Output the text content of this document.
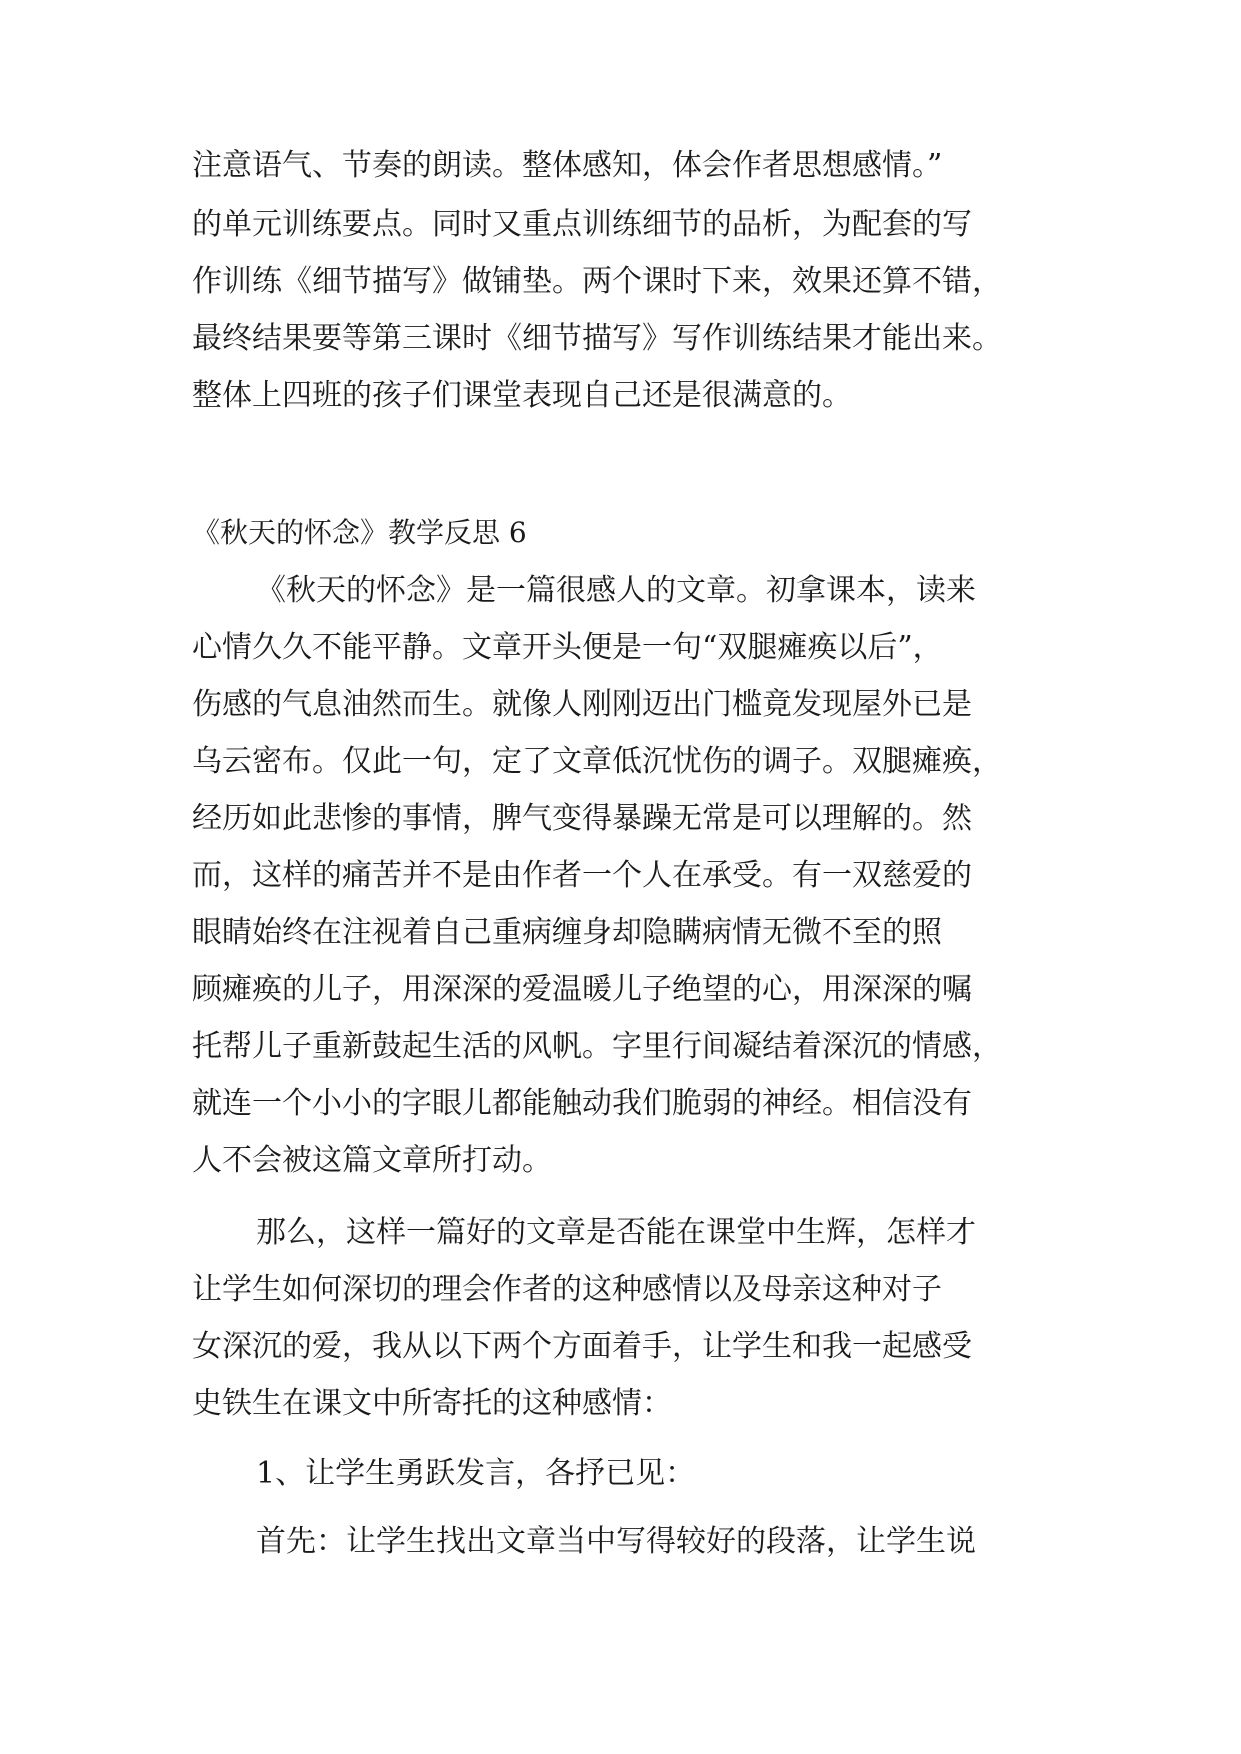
注意语气、节奏的朗读。整体感知，体会作者思想感情。”
的单元训练要点。同时又重点训练细节的品析，为配套的写
作训练《细节描写》做铺垫。两个课时下来，效果还算不错，
最终结果要等第三课时《细节描写》写作训练结果才能出来。
整体上四班的孩子们课堂表现自己还是很满意的。
《秋天的怀念》教学反思 6
《秋天的怀念》是一篇很感人的文章。初拿课本，读来
心情久久不能平静。文章开头便是一句“双腿瘫痪以后”，
伤感的气息油然而生。就像人刚刚迈出门槛竟发现屋外已是
乌云密布。仅此一句，定了文章低沉忧伤的调子。双腿瘫痪，
经历如此悲惨的事情，脾气变得暴躁无常是可以理解的。然
而，这样的痛苦并不是由作者一个人在承受。有一双慈爱的
眼睛始终在注视着自己重病缠身却隐瞒病情无微不至的照
顾瘫痪的儿子，用深深的爱温暖儿子绝望的心，用深深的嘱
托帮儿子重新鼓起生活的风帆。字里行间凝结着深沉的情感，
就连一个小小的字眼儿都能触动我们脆弱的神经。相信没有
人不会被这篇文章所打动。
那么，这样一篇好的文章是否能在课堂中生辉，怎样才
让学生如何深切的理会作者的这种感情以及母亲这种对子
女深沉的爱，我从以下两个方面着手，让学生和我一起感受
史铁生在课文中所寄托的这种感情：
1、让学生勇跃发言，各抒已见：
首先：让学生找出文章当中写得较好的段落，让学生说
